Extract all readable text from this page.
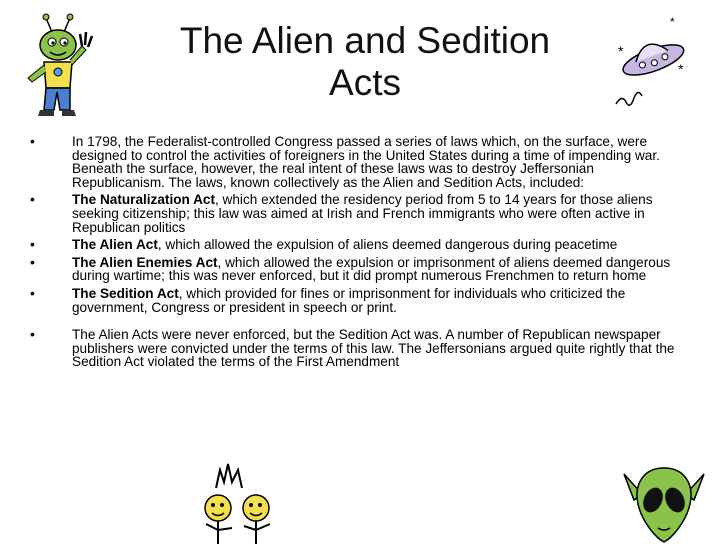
*
*
*
The Alien and Sedition
Acts
•	In 1798, the Federalist-controlled Congress passed a series of laws which, on the surface, were designed to control the activities of foreigners in the United States during a time of impending war. Beneath the surface, however, the real intent of these laws was to destroy Jeffersonian Republicanism. The laws, known collectively as the Alien and Sedition Acts, included:
•	The Naturalization Act, which extended the residency period from 5 to 14 years for those aliens seeking citizenship; this law was aimed at Irish and French immigrants who were often active in Republican politics
•	The Alien Act, which allowed the expulsion of aliens deemed dangerous during peacetime
•	The Alien Enemies Act, which allowed the expulsion or imprisonment of aliens deemed dangerous during wartime; this was never enforced, but it did prompt numerous Frenchmen to return home
•	The Sedition Act, which provided for fines or imprisonment for individuals who criticized the government, Congress or president in speech or print.
•	The Alien Acts were never enforced, but the Sedition Act was. A number of Republican newspaper publishers were convicted under the terms of this law. The Jeffersonians argued quite rightly that the Sedition Act violated the terms of the First Amendment
